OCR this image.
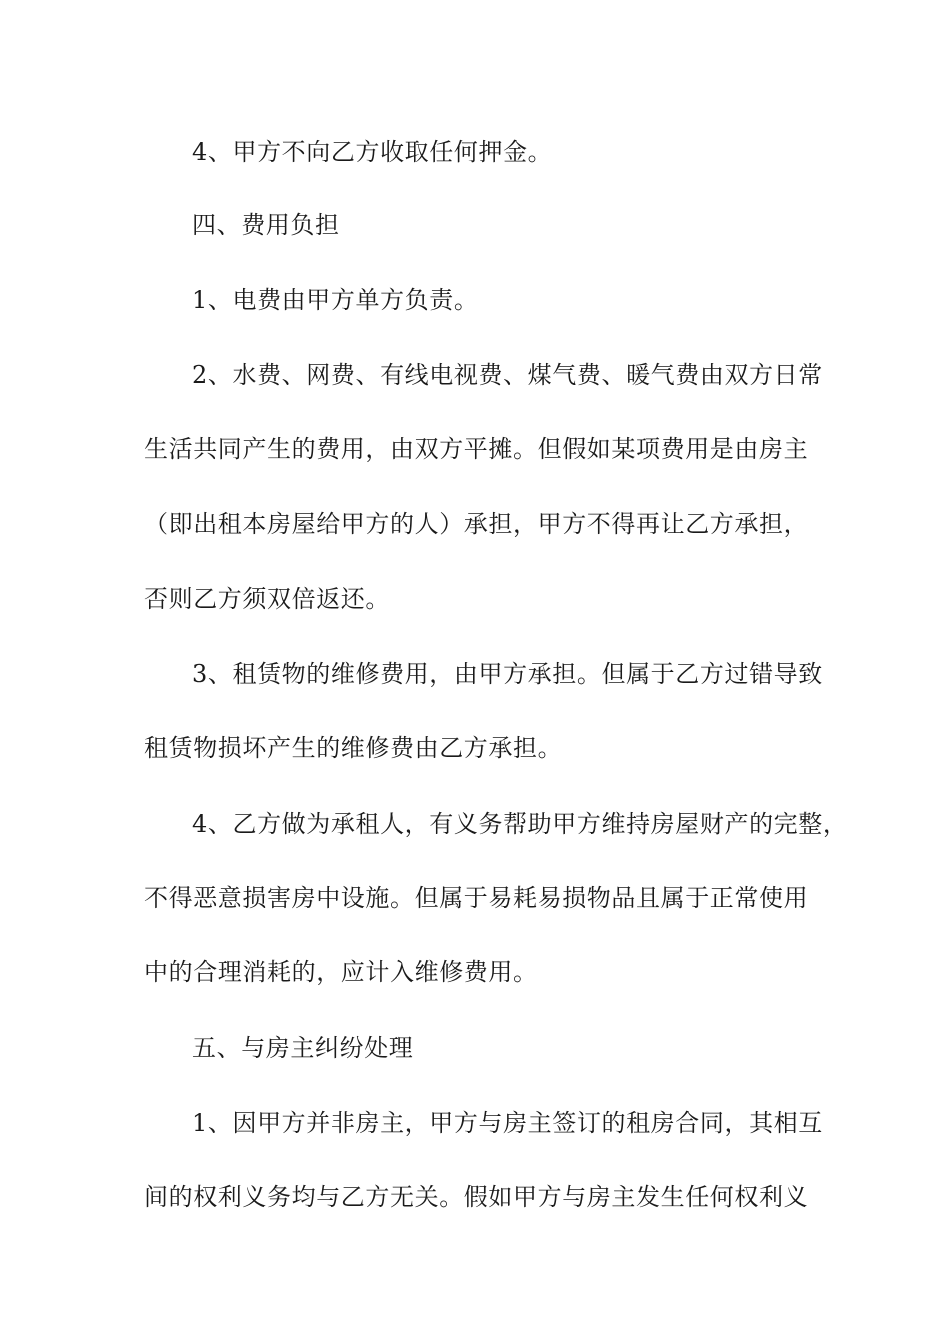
4、甲方不向乙方收取任何押金。
四、费用负担
1、电费由甲方单方负责。
2、水费、网费、有线电视费、煤气费、暖气费由双方日常
生活共同产生的费用，由双方平摊。但假如某项费用是由房主
（即出租本房屋给甲方的人）承担，甲方不得再让乙方承担，
否则乙方须双倍返还。
3、租赁物的维修费用，由甲方承担。但属于乙方过错导致
租赁物损坏产生的维修费由乙方承担。
4、乙方做为承租人，有义务帮助甲方维持房屋财产的完整，
不得恶意损害房中设施。但属于易耗易损物品且属于正常使用
中的合理消耗的，应计入维修费用。
五、与房主纠纷处理
1、因甲方并非房主，甲方与房主签订的租房合同，其相互
间的权利义务均与乙方无关。假如甲方与房主发生任何权利义
